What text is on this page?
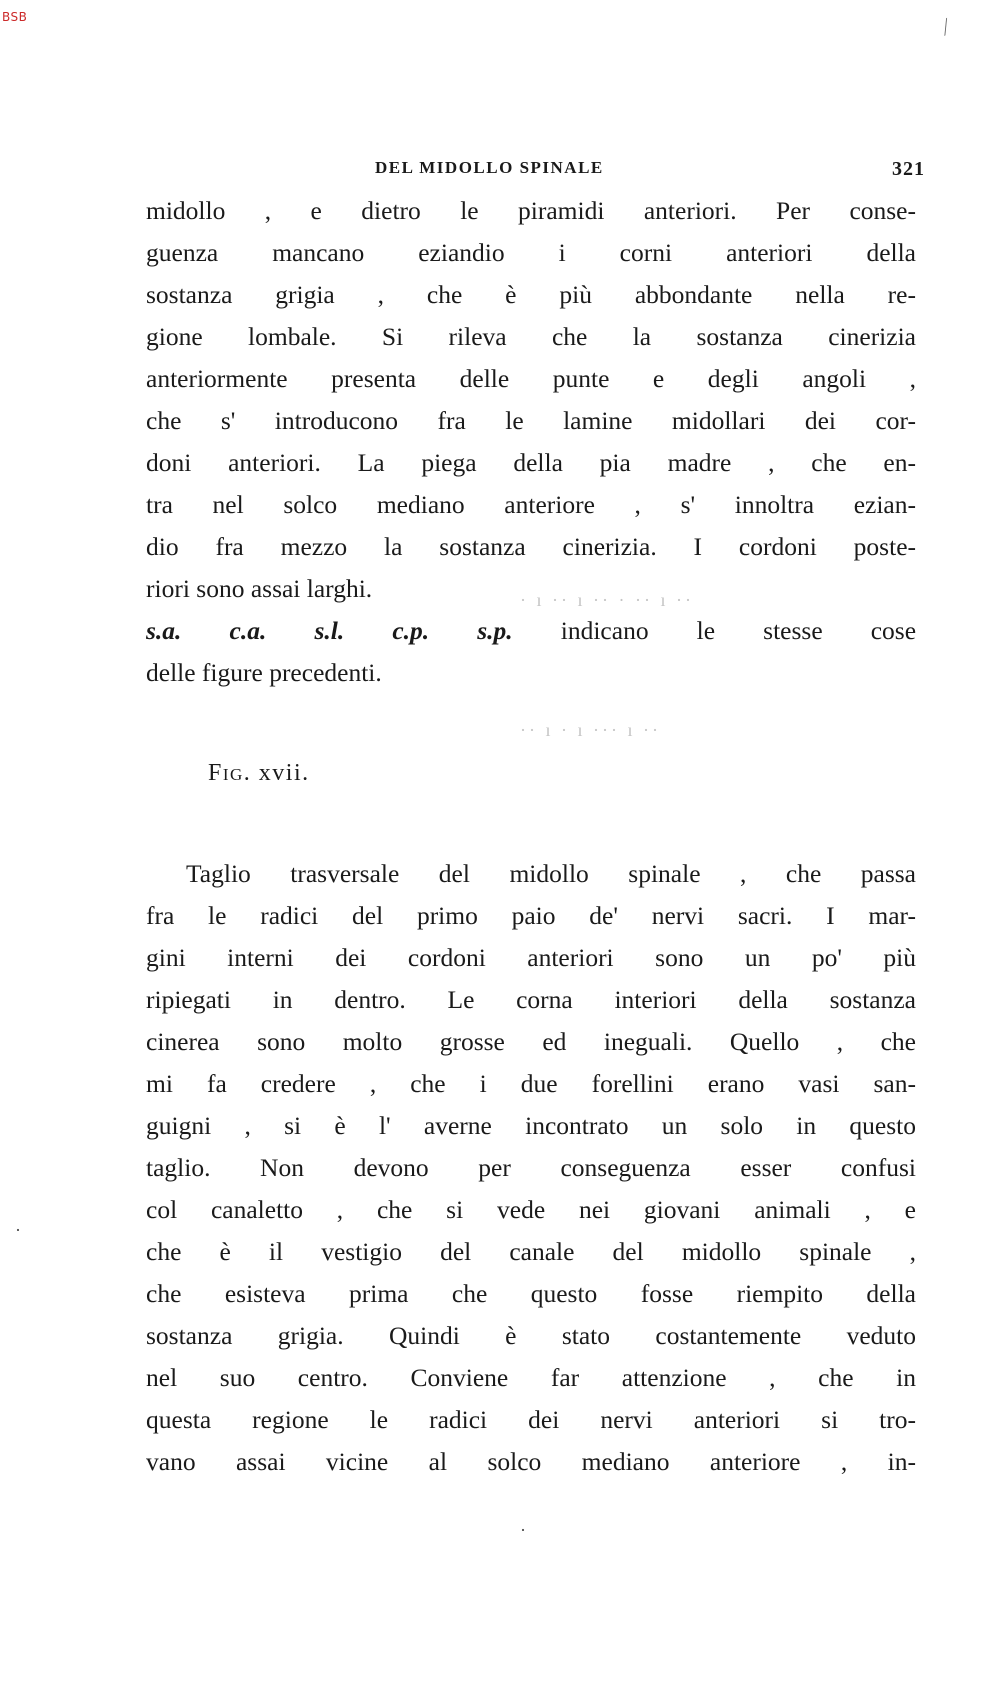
BSB	⁄
DEL MIDOLLO SPINALE	321
· ı ·· ı ·· · ·· ı ··
·· ı · ı ··· ı ··
·
·
midollo , e dietro le piramidi anteriori. Per conse-
guenza mancano eziandio i corni anteriori della
sostanza grigia , che è più abbondante nella re-
gione lombale. Si rileva che la sostanza cinerizia
anteriormente presenta delle punte e degli angoli ,
che s' introducono fra le lamine midollari dei cor-
doni anteriori. La piega della pia madre , che en-
tra nel solco mediano anteriore , s' innoltra ezian-
dio fra mezzo la sostanza cinerizia. I cordoni poste-
riori sono assai larghi.
s.a. c.a. s.l. c.p. s.p. indicano le stesse cose
delle figure precedenti.
Fig. xvii.
Taglio trasversale del midollo spinale , che passa
fra le radici del primo paio de' nervi sacri. I mar-
gini interni dei cordoni anteriori sono un po' più
ripiegati in dentro. Le corna interiori della sostanza
cinerea sono molto grosse ed ineguali. Quello , che
mi fa credere , che i due forellini erano vasi san-
guigni , si è l' averne incontrato un solo in questo
taglio. Non devono per conseguenza esser confusi
col canaletto , che si vede nei giovani animali , e
che è il vestigio del canale del midollo spinale ,
che esisteva prima che questo fosse riempito della
sostanza grigia. Quindi è stato costantemente veduto
nel suo centro. Conviene far attenzione , che in
questa regione le radici dei nervi anteriori si tro-
vano assai vicine al solco mediano anteriore , in-
